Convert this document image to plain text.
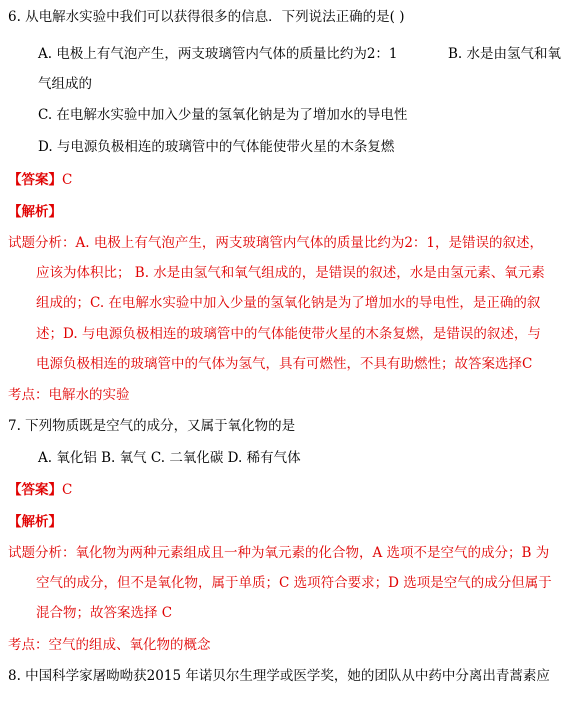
6. 从电解水实验中我们可以获得很多的信息．下列说法正确的是( )
A. 电极上有气泡产生，两支玻璃管内气体的质量比约为2：1	B. 水是由氢气和氧
气组成的
C. 在电解水实验中加入少量的氢氧化钠是为了增加水的导电性
D. 与电源负极相连的玻璃管中的气体能使带火星的木条复燃
【答案】C
【解析】
试题分析：A. 电极上有气泡产生，两支玻璃管内气体的质量比约为2：1，是错误的叙述，
应该为体积比； B. 水是由氢气和氧气组成的，是错误的叙述，水是由氢元素、氧元素
组成的；C. 在电解水实验中加入少量的氢氧化钠是为了增加水的导电性，是正确的叙
述；D. 与电源负极相连的玻璃管中的气体能使带火星的木条复燃，是错误的叙述，与
电源负极相连的玻璃管中的气体为氢气，具有可燃性，不具有助燃性；故答案选择C
考点：电解水的实验
7. 下列物质既是空气的成分，又属于氧化物的是
A. 氧化铝 B. 氧气 C. 二氧化碳 D. 稀有气体
【答案】C
【解析】
试题分析：氧化物为两种元素组成且一种为氧元素的化合物，A 选项不是空气的成分；B 为
空气的成分，但不是氧化物，属于单质；C 选项符合要求；D 选项是空气的成分但属于
混合物；故答案选择 C
考点：空气的组成、氧化物的概念
8. 中国科学家屠呦呦获2015 年诺贝尔生理学或医学奖，她的团队从中药中分离出青蒿素应
